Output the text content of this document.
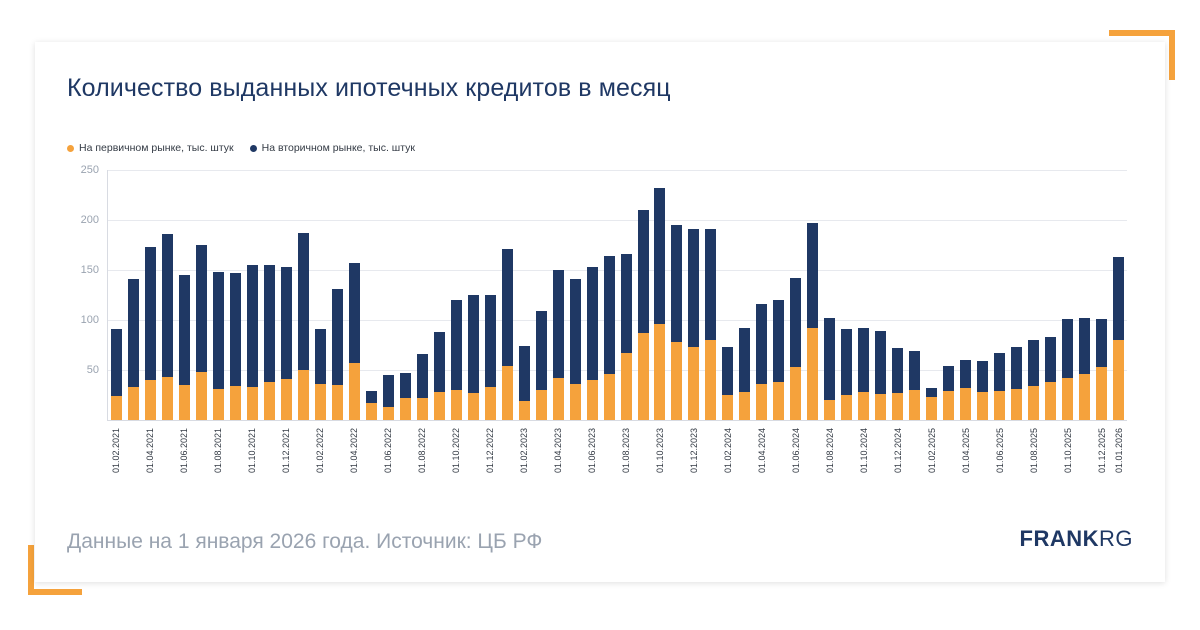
Количество выданных ипотечных кредитов в месяц
На первичном рынке, тыс. штук	На вторичном рынке, тыс. штук
50
100
150
200
250
01.02.2021	01.04.2021	01.06.2021	01.08.2021	01.10.2021	01.12.2021	01.02.2022	01.04.2022	01.06.2022	01.08.2022	01.10.2022	01.12.2022	01.02.2023	01.04.2023	01.06.2023	01.08.2023	01.10.2023	01.12.2023	01.02.2024	01.04.2024	01.06.2024	01.08.2024	01.10.2024	01.12.2024	01.02.2025	01.04.2025	01.06.2025	01.08.2025	01.10.2025	01.12.2025 01.01.2026
Данные на 1 января 2026 года. Источник: ЦБ РФ	FRANKRG
